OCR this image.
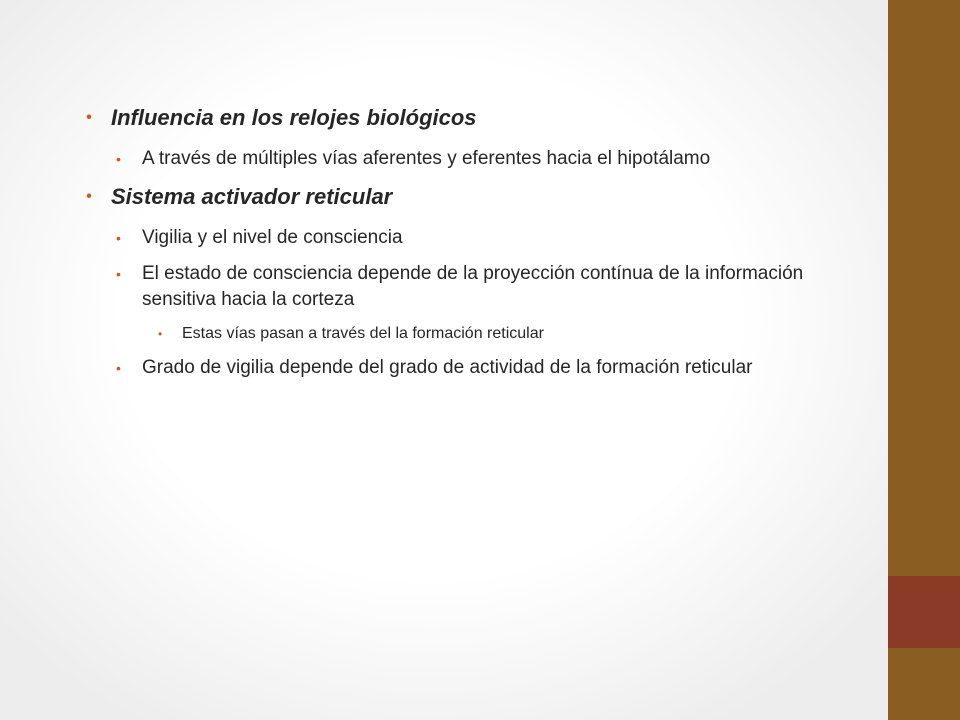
• Influencia en los relojes biológicos
• A través de múltiples vías aferentes y eferentes hacia el hipotálamo
• Sistema activador reticular
• Vigilia y el nivel de consciencia
• El estado de consciencia depende de la proyección contínua de la información sensitiva hacia la corteza
• Estas vías pasan a través del la formación reticular
• Grado de vigilia depende del grado de actividad de la formación reticular
